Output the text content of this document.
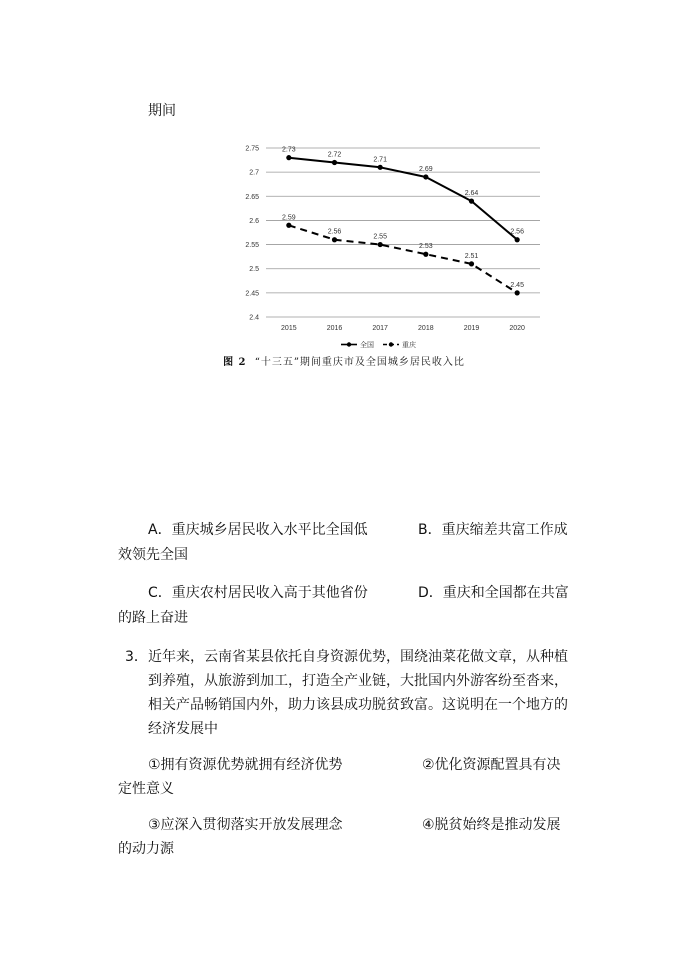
期间
2.75
2.7
2.65
2.6
2.55
2.5
2.45
2.4
2015	2016	2017	2018	2019	2020
2.73
2.72
2.71
2.69
2.64
2.56
2.59
2.56
2.55
2.53
2.51
2.45
全国	重庆
图 2 “十三五”期间重庆市及全国城乡居民收入比
A．重庆城乡居民收入水平比全国低	B．重庆缩差共富工作成
效领先全国
C．重庆农村居民收入高于其他省份	D．重庆和全国都在共富
的路上奋进
3． 近年来，云南省某县依托自身资源优势，围绕油菜花做文章，从种植
到养殖，从旅游到加工，打造全产业链，大批国内外游客纷至沓来，
相关产品畅销国内外，助力该县成功脱贫致富。这说明在一个地方的
经济发展中
①拥有资源优势就拥有经济优势	②优化资源配置具有决
定性意义
③应深入贯彻落实开放发展理念	④脱贫始终是推动发展
的动力源
